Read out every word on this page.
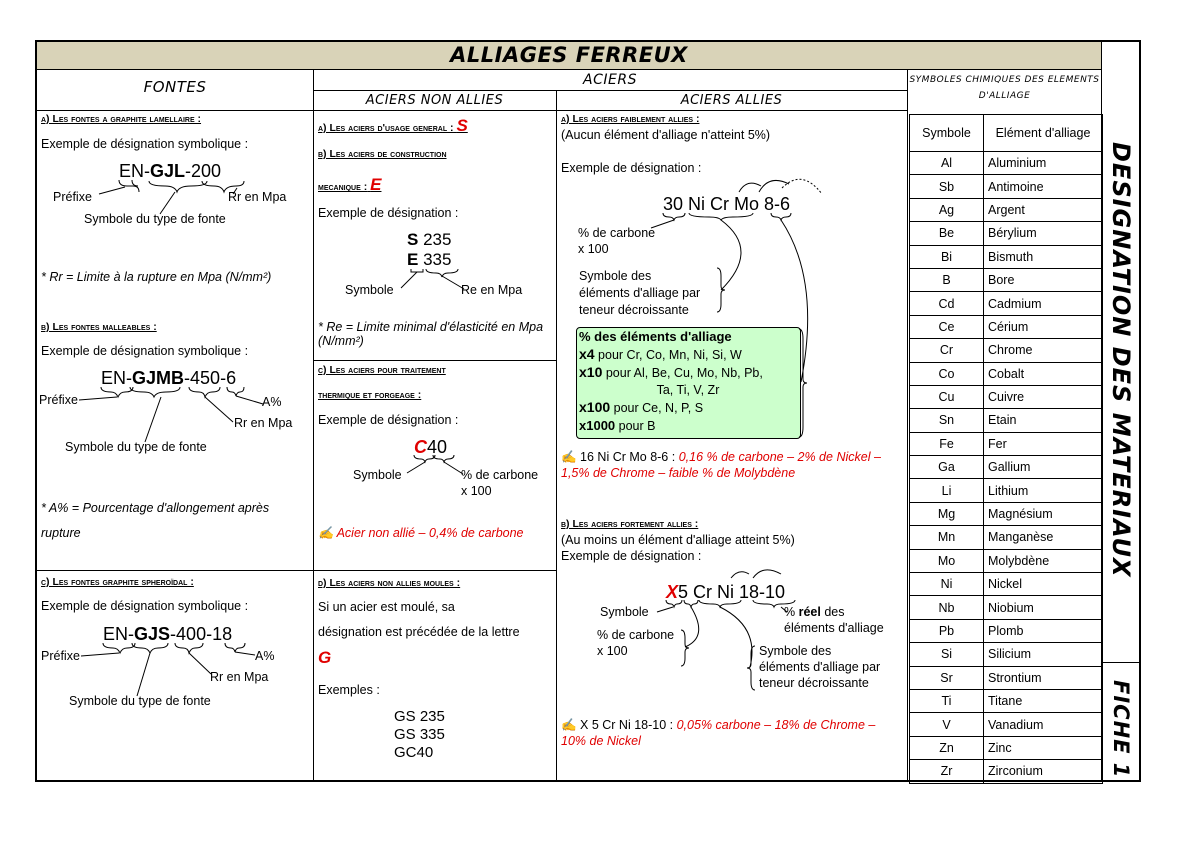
ALLIAGES FERREUX
FONTES	ACIERS
ACIERS NON ALLIES	ACIERS ALLIES
SYMBOLES CHIMIQUES DES ELEMENTS D'ALLIAGE
a) Les fontes a graphite lamellaire :
Exemple de désignation symbolique :
EN-GJL-200
Préfixe	Rr en Mpa
Symbole du type de fonte
* Rr = Limite à la rupture en Mpa (N/mm²)
b) Les fontes malleables :
Exemple de désignation symbolique :
EN-GJMB-450-6
Préfixe	A%
Rr en Mpa
Symbole du type de fonte
* A% = Pourcentage d'allongement après
rupture
c) Les fontes graphite spheroïdal :
Exemple de désignation symbolique :
EN-GJS-400-18
Préfixe	A%
Rr en Mpa
Symbole du type de fonte
a) Les aciers d'usage general : S
b) Les aciers de construction
mecanique : E
Exemple de désignation :
S 235
E 335
Symbole	Re en Mpa
* Re = Limite minimal d'élasticité en Mpa (N/mm²)
c) Les aciers pour traitement
thermique et forgeage :
Exemple de désignation :
C40
Symbole	% de carbone
x 100
✍ Acier non allié – 0,4% de carbone
d) Les aciers non allies moules :
Si un acier est moulé, sa
désignation est précédée de la lettre
G
Exemples :
GS 235
GS 335
GC40
a) Les aciers faiblement allies :
(Aucun élément d'alliage n'atteint 5%)
Exemple de désignation :
30 Ni Cr Mo 8-6
% de carbone
x 100
Symbole des
éléments d'alliage par
teneur décroissante
% des éléments d'alliage
x4 pour Cr, Co, Mn, Ni, Si, W
x10 pour Al, Be, Cu, Mo, Nb, Pb,
Ta, Ti, V, Zr
x100 pour Ce, N, P, S
x1000 pour B
✍ 16 Ni Cr Mo 8-6 : 0,16 % de carbone – 2% de Nickel – 1,5% de Chrome – faible % de Molybdène
b) Les aciers fortement allies :
(Au moins un élément d'alliage atteint 5%)
Exemple de désignation :
X5 Cr Ni 18-10
Symbole	% réel des
éléments d'alliage
% de carbone
x 100	Symbole des
éléments d'alliage par
teneur décroissante
✍ X 5 Cr Ni 18-10 : 0,05% carbone – 18% de Chrome – 10% de Nickel
Symbole	Elément d'alliage
Al	Aluminium
Sb	Antimoine
Ag	Argent
Be	Bérylium
Bi	Bismuth
B	Bore
Cd	Cadmium
Ce	Cérium
Cr	Chrome
Co	Cobalt
Cu	Cuivre
Sn	Etain
Fe	Fer
Ga	Gallium
Li	Lithium
Mg	Magnésium
Mn	Manganèse
Mo	Molybdène
Ni	Nickel
Nb	Niobium
Pb	Plomb
Si	Silicium
Sr	Strontium
Ti	Titane
V	Vanadium
Zn	Zinc
Zr	Zirconium
DESIGNATION DES MATERIAUX
FICHE 1
